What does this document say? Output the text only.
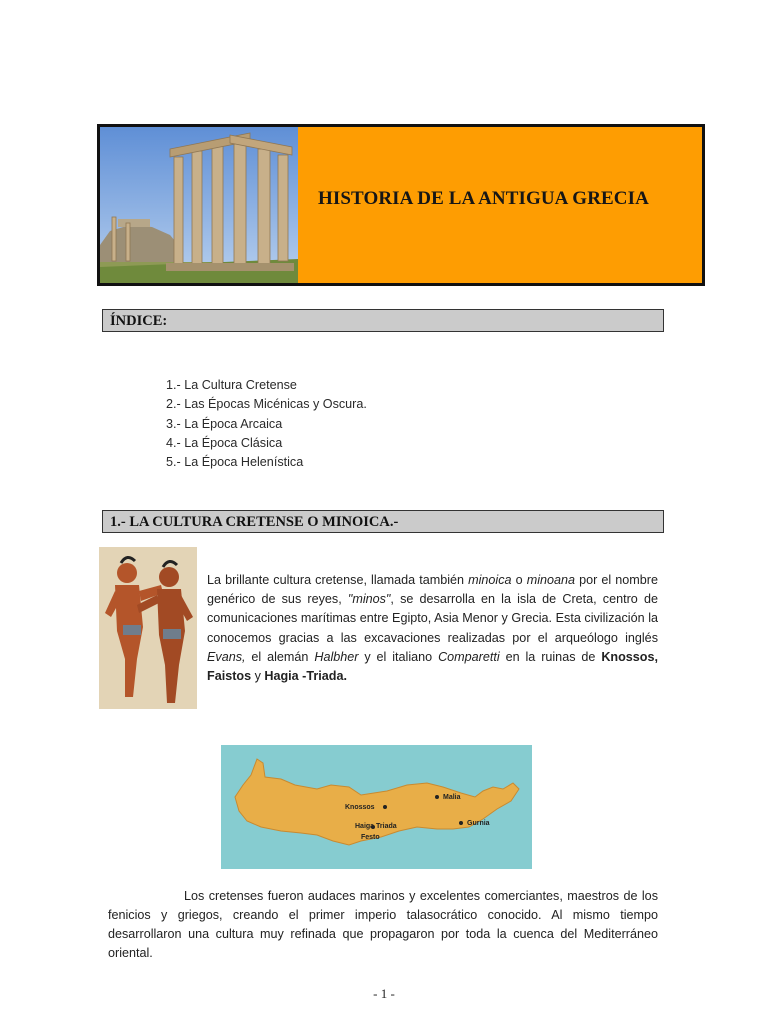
HISTORIA DE LA ANTIGUA GRECIA
ÍNDICE:
1.- La Cultura Cretense
2.- Las Épocas Micénicas y Oscura.
3.- La Época Arcaica
4.- La Época Clásica
5.- La Época Helenística
1.- LA CULTURA CRETENSE O MINOICA.-

La brillante cultura cretense, llamada también minoica o minoana por el nombre genérico de sus reyes, "minos", se desarrolla en la isla de Creta, centro de comunicaciones marítimas entre Egipto, Asia Menor y Grecia. Esta civilización la conocemos gracias a las excavaciones realizadas por el arqueólogo inglés Evans, el alemán Halbher y el italiano Comparetti en la ruinas de Knossos, Faistos y Hagia -Triada.

Malia
Knossos
Haiga Triada
Festo
Gurnia

Los cretenses fueron audaces marinos y excelentes comerciantes, maestros de los fenicios y griegos, creando el primer imperio talasocrático conocido. Al mismo tiempo desarrollaron una cultura muy refinada que propagaron por toda la cuenca del Mediterráneo oriental.

- 1 -
